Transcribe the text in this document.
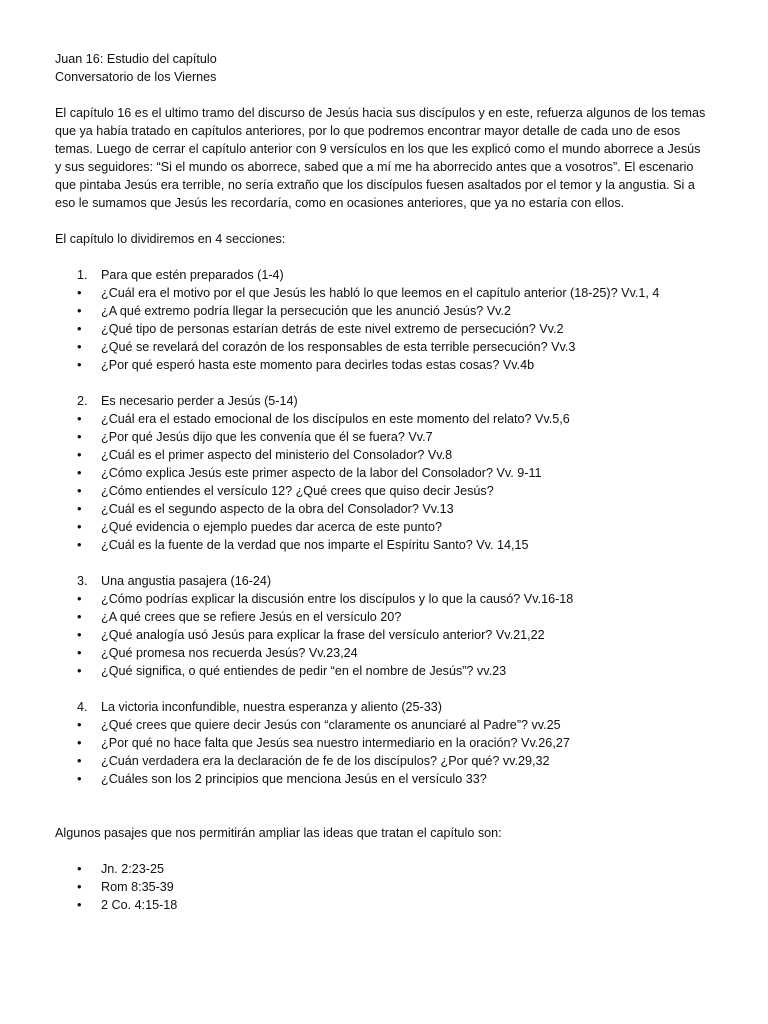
Juan 16: Estudio del capítulo

Conversatorio de los Viernes

El capítulo 16 es el ultimo tramo del discurso de Jesús hacia sus discípulos y en este, refuerza algunos de los temas
que ya había tratado en capítulos anteriores, por lo que podremos encontrar mayor detalle de cada uno de esos
temas. Luego de cerrar el capítulo anterior con 9 versículos en los que les explicó como el mundo aborrece a Jesús
y sus seguidores: “Si el mundo os aborrece, sabed que a mí me ha aborrecido antes que a vosotros”. El escenario
que pintaba Jesús era terrible, no sería extraño que los discípulos fuesen asaltados por el temor y la angustia. Si a
eso le sumamos que Jesús les recordaría, como en ocasiones anteriores, que ya no estaría con ellos.

El capítulo lo dividiremos en 4 secciones:

1.	Para que estén preparados (1-4)
•	¿Cuál era el motivo por el que Jesús les habló lo que leemos en el capítulo anterior (18-25)? Vv.1, 4
•	¿A qué extremo podría llegar la persecución que les anunció Jesús? Vv.2
•	¿Qué tipo de personas estarían detrás de este nivel extremo de persecución? Vv.2
•	¿Qué se revelará del corazón de los responsables de esta terrible persecución? Vv.3
•	¿Por qué esperó hasta este momento para decirles todas estas cosas? Vv.4b
2.	Es necesario perder a Jesús (5-14)
•	¿Cuál era el estado emocional de los discípulos en este momento del relato? Vv.5,6
•	¿Por qué Jesús dijo que les convenía que él se fuera? Vv.7
•	¿Cuál es el primer aspecto del ministerio del Consolador? Vv.8
•	¿Cómo explica Jesús este primer aspecto de la labor del Consolador? Vv. 9-11
•	¿Cómo entiendes el versículo 12? ¿Qué crees que quiso decir Jesús?
•	¿Cuál es el segundo aspecto de la obra del Consolador? Vv.13
•	¿Qué evidencia o ejemplo puedes dar acerca de este punto?
•	¿Cuál es la fuente de la verdad que nos imparte el Espíritu Santo? Vv. 14,15
3.	Una angustia pasajera (16-24)
•	¿Cómo podrías explicar la discusión entre los discípulos y lo que la causó? Vv.16-18
•	¿A qué crees que se refiere Jesús en el versículo 20?
•	¿Qué analogía usó Jesús para explicar la frase del versículo anterior? Vv.21,22
•	¿Qué promesa nos recuerda Jesús? Vv.23,24
•	¿Qué significa, o qué entiendes de pedir “en el nombre de Jesús”? vv.23
4.	La victoria inconfundible, nuestra esperanza y aliento (25-33)
•	¿Qué crees que quiere decir Jesús con “claramente os anunciaré al Padre”? vv.25
•	¿Por qué no hace falta que Jesús sea nuestro intermediario en la oración? Vv.26,27
•	¿Cuán verdadera era la declaración de fe de los discípulos? ¿Por qué? vv.29,32
•	¿Cuáles son los 2 principios que menciona Jesús en el versículo 33?

Algunos pasajes que nos permitirán ampliar las ideas que tratan el capítulo son:

•	Jn. 2:23-25
•	Rom 8:35-39
•	2 Co. 4:15-18
